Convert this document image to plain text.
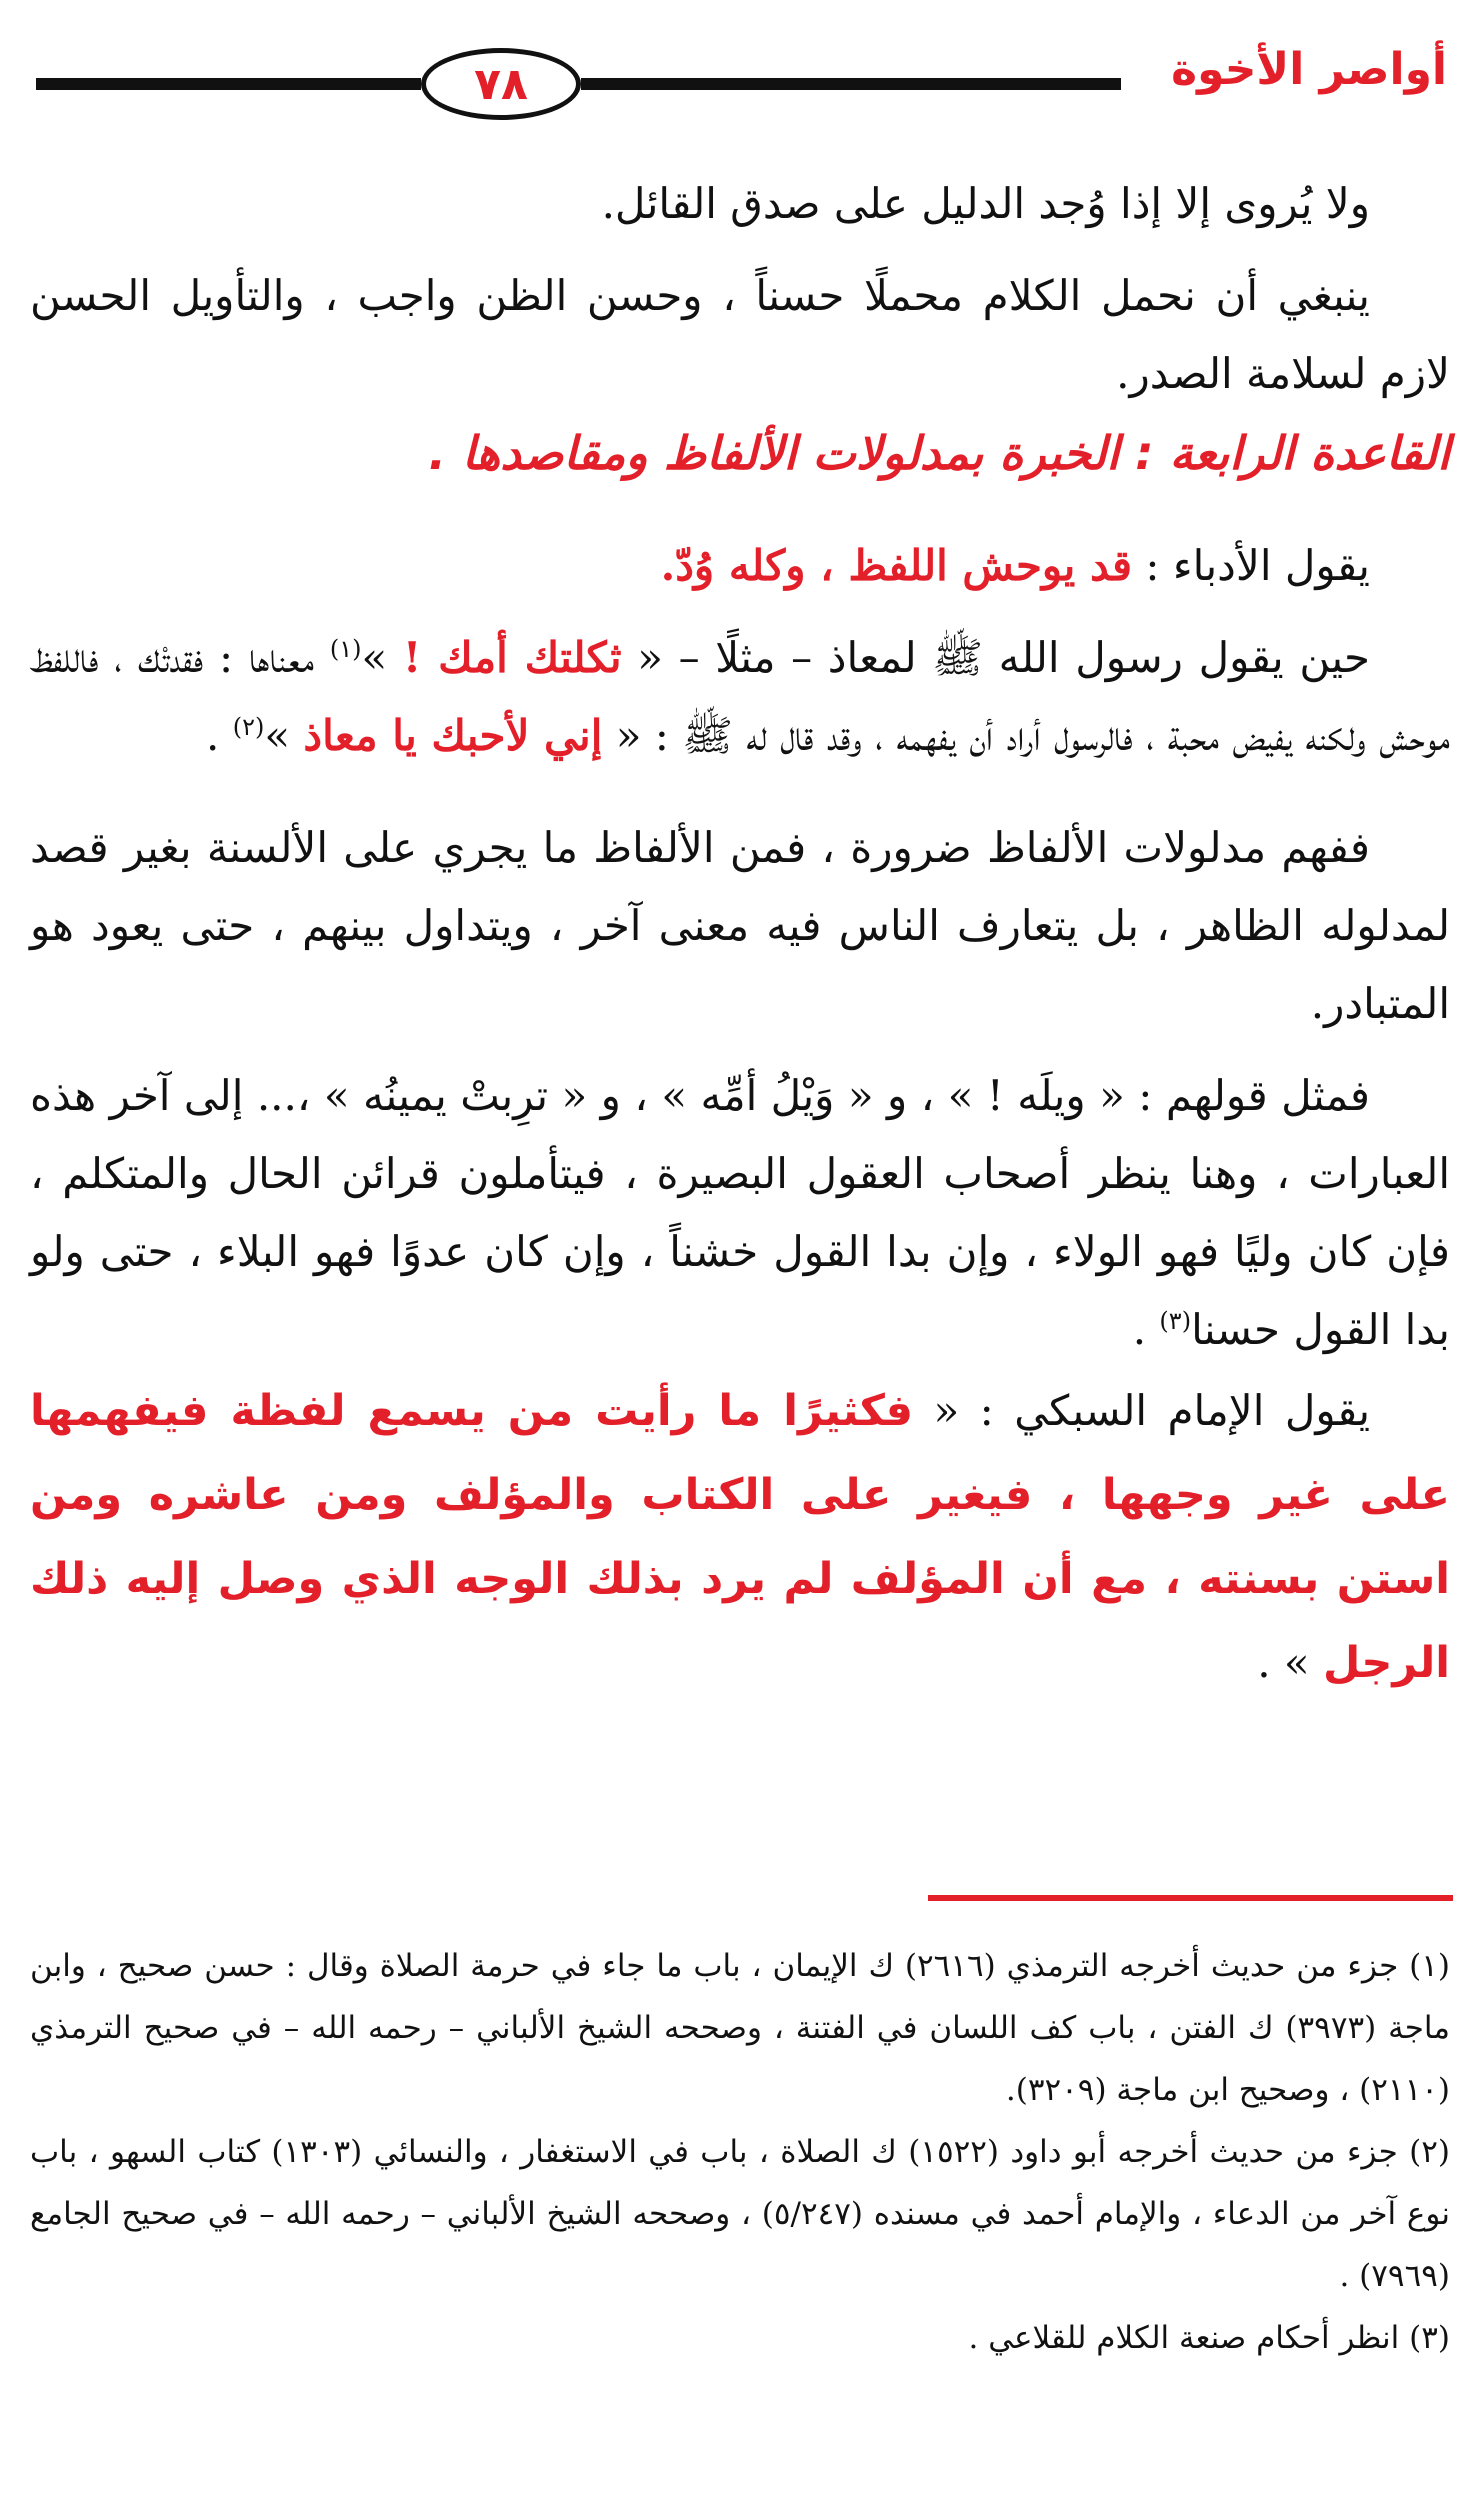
٧٨	أواصر الأخوة

ولا يُروى إلا إذا وُجد الدليل على صدق القائل.

ينبغي أن نحمل الكلام محملًا حسناً ، وحسن الظن واجب ، والتأويل الحسن لازم لسلامة الصدر.

القاعدة الرابعة : الخبرة بمدلولات الألفاظ ومقاصدها .

يقول الأدباء : قد يوحش اللفظ ، وكله وُدّ.

حين يقول رسول الله ﷺ لمعاذ – مثلًا – « ثكلتك أمك ! »$^{(١)}$ معناها : فقدتْك ، فاللفظ موحش ولكنه يفيض محبة ، فالرسول أراد أن يفهمه ، وقد قال له ﷺ : « إني لأحبك يا معاذ »$^{(٢)}$ .

ففهم مدلولات الألفاظ ضرورة ، فمن الألفاظ ما يجري على الألسنة بغير قصد لمدلوله الظاهر ، بل يتعارف الناس فيه معنى آخر ، ويتداول بينهم ، حتى يعود هو المتبادر.

فمثل قولهم : « ويلَه ! » ، و « وَيْلُ أمِّه » ، و « ترِبتْ يمينُه » ،... إلى آخر هذه العبارات ، وهنا ينظر أصحاب العقول البصيرة ، فيتأملون قرائن الحال والمتكلم ، فإن كان وليًا فهو الولاء ، وإن بدا القول خشناً ، وإن كان عدوًا فهو البلاء ، حتى ولو بدا القول حسنا$^{(٣)}$ .

يقول الإمام السبكي : « فكثيرًا ما رأيت من يسمع لفظة فيفهمها على غير وجهها ، فيغير على الكتاب والمؤلف ومن عاشره ومن استن بسنته ، مع أن المؤلف لم يرد بذلك الوجه الذي وصل إليه ذلك الرجل » .

(١) جزء من حديث أخرجه الترمذي (٢٦١٦) ك الإيمان ، باب ما جاء في حرمة الصلاة وقال : حسن صحيح ، وابن ماجة (٣٩٧٣) ك الفتن ، باب كف اللسان في الفتنة ، وصححه الشيخ الألباني – رحمه الله – في صحيح الترمذي (٢١١٠) ، وصحيح ابن ماجة (٣٢٠٩).

(٢) جزء من حديث أخرجه أبو داود (١٥٢٢) ك الصلاة ، باب في الاستغفار ، والنسائي (١٣٠٣) كتاب السهو ، باب نوع آخر من الدعاء ، والإمام أحمد في مسنده (٥/٢٤٧) ، وصححه الشيخ الألباني – رحمه الله – في صحيح الجامع (٧٩٦٩) .

(٣) انظر أحكام صنعة الكلام للقلاعي .
